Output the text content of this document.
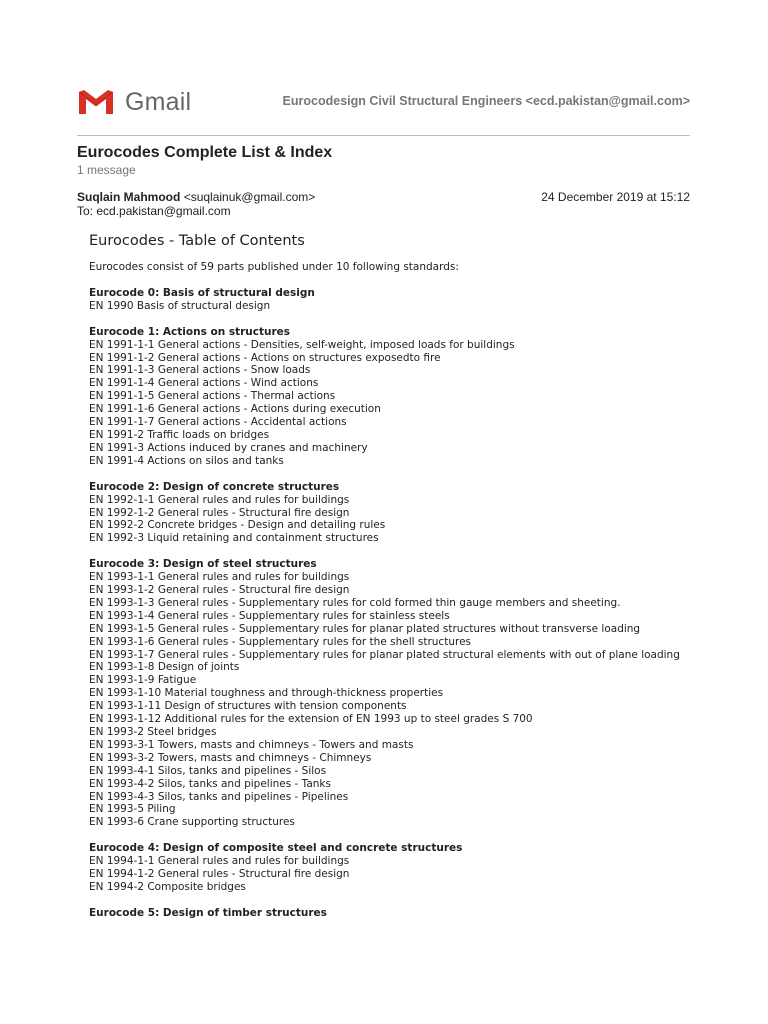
Gmail	Eurocodesign Civil Structural Engineers <ecd.pakistan@gmail.com>
Eurocodes Complete List & Index
1 message
Suqlain Mahmood <suqlainuk@gmail.com>	24 December 2019 at 15:12
To: ecd.pakistan@gmail.com
Eurocodes - Table of Contents
Eurocodes consist of 59 parts published under 10 following standards:
Eurocode 0: Basis of structural design
EN 1990 Basis of structural design
Eurocode 1: Actions on structures
EN 1991-1-1 General actions - Densities, self-weight, imposed loads for buildings
EN 1991-1-2 General actions - Actions on structures exposedto fire
EN 1991-1-3 General actions - Snow loads
EN 1991-1-4 General actions - Wind actions
EN 1991-1-5 General actions - Thermal actions
EN 1991-1-6 General actions - Actions during execution
EN 1991-1-7 General actions - Accidental actions
EN 1991-2 Traffic loads on bridges
EN 1991-3 Actions induced by cranes and machinery
EN 1991-4 Actions on silos and tanks
Eurocode 2: Design of concrete structures
EN 1992-1-1 General rules and rules for buildings
EN 1992-1-2 General rules - Structural fire design
EN 1992-2 Concrete bridges - Design and detailing rules
EN 1992-3 Liquid retaining and containment structures
Eurocode 3: Design of steel structures
EN 1993-1-1 General rules and rules for buildings
EN 1993-1-2 General rules - Structural fire design
EN 1993-1-3 General rules - Supplementary rules for cold formed thin gauge members and sheeting.
EN 1993-1-4 General rules - Supplementary rules for stainless steels
EN 1993-1-5 General rules - Supplementary rules for planar plated structures without transverse loading
EN 1993-1-6 General rules - Supplementary rules for the shell structures
EN 1993-1-7 General rules - Supplementary rules for planar plated structural elements with out of plane loading
EN 1993-1-8 Design of joints
EN 1993-1-9 Fatigue
EN 1993-1-10 Material toughness and through-thickness properties
EN 1993-1-11 Design of structures with tension components
EN 1993-1-12 Additional rules for the extension of EN 1993 up to steel grades S 700
EN 1993-2 Steel bridges
EN 1993-3-1 Towers, masts and chimneys - Towers and masts
EN 1993-3-2 Towers, masts and chimneys - Chimneys
EN 1993-4-1 Silos, tanks and pipelines - Silos
EN 1993-4-2 Silos, tanks and pipelines - Tanks
EN 1993-4-3 Silos, tanks and pipelines - Pipelines
EN 1993-5 Piling
EN 1993-6 Crane supporting structures
Eurocode 4: Design of composite steel and concrete structures
EN 1994-1-1 General rules and rules for buildings
EN 1994-1-2 General rules - Structural fire design
EN 1994-2 Composite bridges
Eurocode 5: Design of timber structures
